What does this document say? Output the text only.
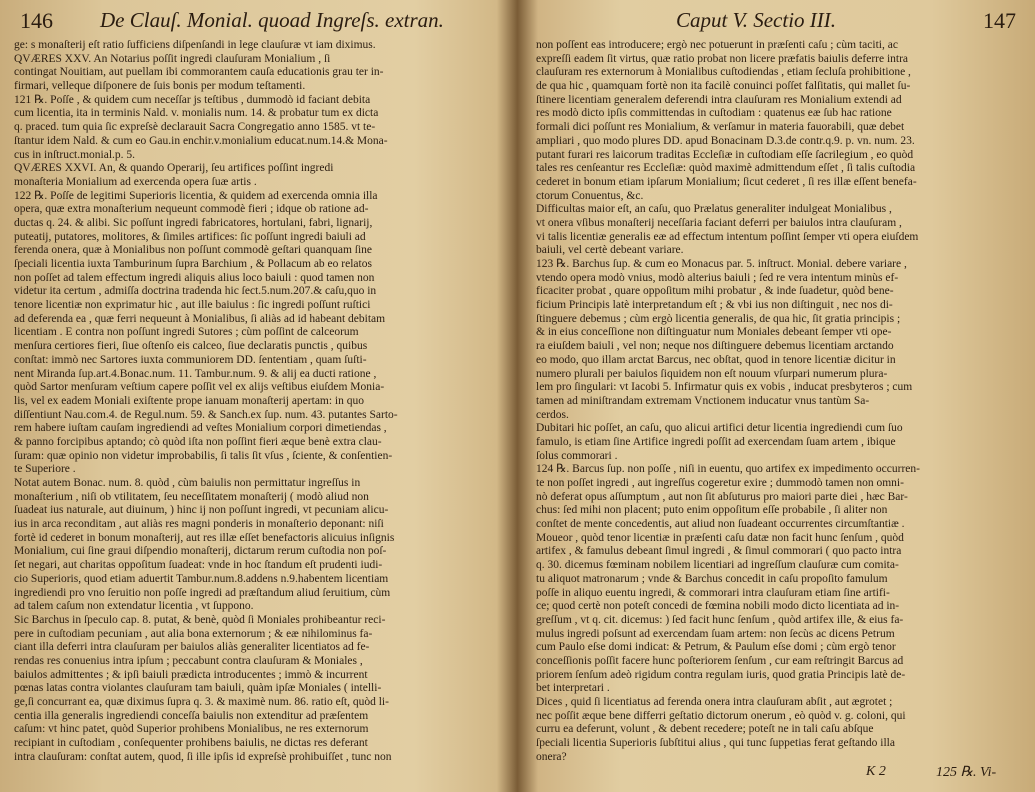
146 De Clauſ. Monial. quoad Ingreſs. extran.
ge: s monaſterij eſt ratio ſufficiens diſpenſandi in lege clauſuræ vt iam diximus.
QVÆRES XXV. An Notarius poſſit ingredi clauſuram Monialium , ſi
contingat Nouitiam, aut puellam ibi commorantem cauſa educationis grau ter in-
firmari, velleque diſponere de ſuis bonis per modum teſtamenti.
121 ℞. Poſſe , & quidem cum neceſſar js teſtibus , dummodò id faciant debita
cum licentia, ita in terminis Nald. v. monialis num. 14. & probatur tum ex dicta
q. praced. tum quia ſic expreſsè declarauit Sacra Congregatio anno 1585. vt te-
ſtantur idem Nald. & cum eo Gau.in enchir.v.monialium educat.num.14.& Mona-
cus in inſtruct.monial.p. 5.
QVÆRES XXVI. An, & quando Operarij, ſeu artifices poſſint ingredi
monaſteria Monialium ad exercenda opera ſuæ artis .
122 ℞. Poſſe de legitimi Superioris licentia, & quidem ad exercenda omnia illa
opera, quæ extra monaſterium nequeunt commodè fieri ; idque ob ratione ad-
ductas q. 24. & alibi. Sic poſſunt ingredi fabricatores, hortulani, fabri, lignarij,
puteatij, putatores, molitores, & ſimiles artifices: ſic poſſunt ingredi baiuli ad
ferenda onera, quæ à Monialibus non poſſunt commodè geſtari quanquam ſine
ſpeciali licentia iuxta Tamburinum ſupra Barchium , & Pollacum ab eo relatos
non poſſet ad talem effectum ingredi aliquis alius loco baiuli : quod tamen non
videtur ita certum , admiſſa doctrina tradenda hic ſect.5.num.207.& caſu,quo in
tenore licentiæ non exprimatur hic , aut ille baiulus : ſic ingredi poſſunt ruſtici
ad deferenda ea , quæ ferri nequeunt à Monialibus, ſi aliàs ad id habeant debitam
licentiam . E contra non poſſunt ingredi Sutores ; cùm poſſint de calceorum
menſura certiores fieri, ſiue oſtenſo eis calceo, ſiue declaratis punctis , quibus
conſtat: immò nec Sartores iuxta communiorem DD. ſententiam , quam ſuſti-
nent Miranda ſup.art.4.Bonac.num. 11. Tambur.num. 9. & alij ea ducti ratione ,
quòd Sartor menſuram veſtium capere poſſit vel ex alijs veſtibus eiuſdem Monia-
lis, vel ex eadem Moniali exiſtente prope ianuam monaſterij apertam: in quo
diſſentiunt Nau.com.4. de Regul.num. 59. & Sanch.ex ſup. num. 43. putantes Sarto-
rem habere iuſtam cauſam ingrediendi ad veſtes Monialium corpori dimetiendas ,
& panno forcipibus aptando; cò quòd iſta non poſſint fieri æque benè extra clau-
ſuram: quæ opinio non videtur improbabilis, ſi talis ſit vſus , ſciente, & conſentien-
te Superiore .
Notat autem Bonac. num. 8. quòd , cùm baiulis non permittatur ingreſſus in
monaſterium , niſi ob vtilitatem, ſeu neceſſitatem monaſterij ( modò aliud non
ſuadeat ius naturale, aut diuinum, ) hinc ij non poſſunt ingredi, vt pecuniam alicu-
ius in arca reconditam , aut aliàs res magni ponderis in monaſterio deponant: niſi
fortè id cederet in bonum monaſterij, aut res illæ eſſet benefactoris alicuius inſignis
Monialium, cui ſine graui diſpendio monaſterij, dictarum rerum cuſtodia non poſ-
ſet negari, aut charitas oppoſitum ſuadeat: vnde in hoc ſtandum eſt prudenti iudi-
cio Superioris, quod etiam aduertit Tambur.num.8.addens n.9.habentem licentiam
ingrediendi pro vno ſeruitio non poſſe ingredi ad præſtandum aliud ſeruitium, cùm
ad talem caſum non extendatur licentia , vt ſuppono.
Sic Barchus in ſpeculo cap. 8. putat, & benè, quòd ſi Moniales prohibeantur reci-
pere in cuſtodiam pecuniam , aut alia bona externorum ; & eæ nihilominus fa-
ciant illa deferri intra clauſuram per baiulos aliàs generaliter licentiatos ad fe-
rendas res conuenius intra ipſum ; peccabunt contra clauſuram & Moniales ,
baiulos admittentes ; & ipſi baiuli prædicta introducentes ; immò & incurrent
pœnas latas contra violantes clauſuram tam baiuli, quàm ipſæ Moniales ( intelli-
ge,ſi concurrant ea, quæ diximus ſupra q. 3. & maximè num. 86. ratio eſt, quòd li-
centia illa generalis ingrediendi conceſſa baiulis non extenditur ad præſentem
caſum: vt hinc patet, quòd Superior prohibens Monialibus, ne res externorum
recipiant in cuſtodiam , conſequenter prohibens baiulis, ne dictas res deferant
intra clauſuram: conſtat autem, quod, ſi ille ipſis id expreſsè prohibuiſſet , tunc non
Caput V. Sectio III.	147
non poſſent eas introducere; ergò nec potuerunt in præſenti caſu ; cùm taciti, ac
expreſſi eadem ſit virtus, quæ ratio probat non licere præfatis baiulis deferre intra
clauſuram res externorum à Monialibus cuſtodiendas , etiam ſecluſa prohibitione ,
de qua hic , quamquam fortè non ita facilè conuinci poſſet falſitatis, qui mallet ſu-
ſtinere licentiam generalem deferendi intra clauſuram res Monialium extendi ad
res modò dicto ipſis committendas in cuſtodiam : quatenus eæ ſub hac ratione
formali dici poſſunt res Monialium, & verſamur in materia fauorabili, quæ debet
ampliari , quo modo plures DD. apud Bonacinam D.3.de contr.q.9. p. vn. num. 23.
putant furari res laicorum traditas Eccleſiæ in cuſtodiam eſſe ſacrilegium , eo quòd
tales res cenſeantur res Eccleſiæ: quòd maximè admittendum eſſet , ſi talis cuſtodia
cederet in bonum etiam ipſarum Monialium; ſicut cederet , ſi res illæ eſſent benefa-
ctorum Conuentus, &c.
Difficultas maior eſt, an caſu, quo Prælatus generaliter indulgeat Monialibus ,
vt onera vſibus monaſterij neceſſaria faciant deferri per baiulos intra clauſuram ,
vi talis licentiæ generalis eæ ad effectum intentum poſſint ſemper vti opera eiuſdem
baiuli, vel certè debeant variare.
123 ℞. Barchus ſup. & cum eo Monacus par. 5. inſtruct. Monial. debere variare ,
vtendo opera modò vnius, modò alterius baiuli ; ſed re vera intentum minùs ef-
ficaciter probat , quare oppoſitum mihi probatur , & inde ſuadetur, quòd bene-
ficium Principis latè interpretandum eſt ; & vbi ius non diſtinguit , nec nos di-
ſtinguere debemus ; cùm ergò licentia generalis, de qua hic, ſit gratia principis ;
& in eius conceſſione non diſtinguatur num Moniales debeant ſemper vti ope-
ra eiuſdem baiuli , vel non; neque nos diſtinguere debemus licentiam arctando
eo modo, quo illam arctat Barcus, nec obſtat, quod in tenore licentiæ dicitur in
numero plurali per baiulos ſiquidem non eſt nouum vſurpari numerum plura-
lem pro ſingulari: vt Iacobi 5. Infirmatur quis ex vobis , inducat presbyteros ; cum
tamen ad miniſtrandam extremam Vnctionem inducatur vnus tantùm Sa-
cerdos.
Dubitari hic poſſet, an caſu, quo alicui artifici detur licentia ingrediendi cum ſuo
famulo, is etiam ſine Artifice ingredi poſſit ad exercendam ſuam artem , ibique
ſolus commorari .
124 ℞. Barcus ſup. non poſſe , niſi in euentu, quo artifex ex impedimento occurren-
te non poſſet ingredi , aut ingreſſus cogeretur exire ; dummodò tamen non omni-
nò deferat opus aſſumptum , aut non ſit abſuturus pro maiori parte diei , hæc Bar-
chus: ſed mihi non placent; puto enim oppoſitum eſſe probabile , ſi aliter non
conſtet de mente concedentis, aut aliud non ſuadeant occurrentes circumſtantiæ .
Moueor , quòd tenor licentiæ in præſenti caſu datæ non facit hunc ſenſum , quòd
artifex , & famulus debeant ſimul ingredi , & ſimul commorari ( quo pacto intra
q. 30. dicemus fœminam nobilem licentiari ad ingreſſum clauſuræ cum comita-
tu aliquot matronarum ; vnde & Barchus concedit in caſu propoſito famulum
poſſe in aliquo euentu ingredi, & commorari intra clauſuram etiam ſine artifi-
ce; quod certè non poteſt concedi de fœmina nobili modo dicto licentiata ad in-
greſſum , vt q. cit. dicemus: ) ſed facit hunc ſenſum , quòd artifex ille, & eius fa-
mulus ingredi poſsunt ad exercendam ſuam artem: non ſecùs ac dicens Petrum
cum Paulo eſse domi indicat: & Petrum, & Paulum eſse domi ; cùm ergò tenor
conceſſionis poſſit facere hunc poſteriorem ſenſum , cur eam reſtringit Barcus ad
priorem ſenſum adeò rigidum contra regulam iuris, quod gratia Principis latè de-
bet interpretari .
Dices , quid ſi licentiatus ad ferenda onera intra clauſuram abſit , aut ægrotet ;
nec poſſit æque bene differri geſtatio dictorum onerum , eò quòd v. g. coloni, qui
curru ea deferunt, volunt , & debent recedere; poteſt ne in tali caſu abſque
ſpeciali licentia Superioris ſubſtitui alius , qui tunc ſuppetias ferat geſtando illa
onera?
K 2	125 ℞. Vi-
